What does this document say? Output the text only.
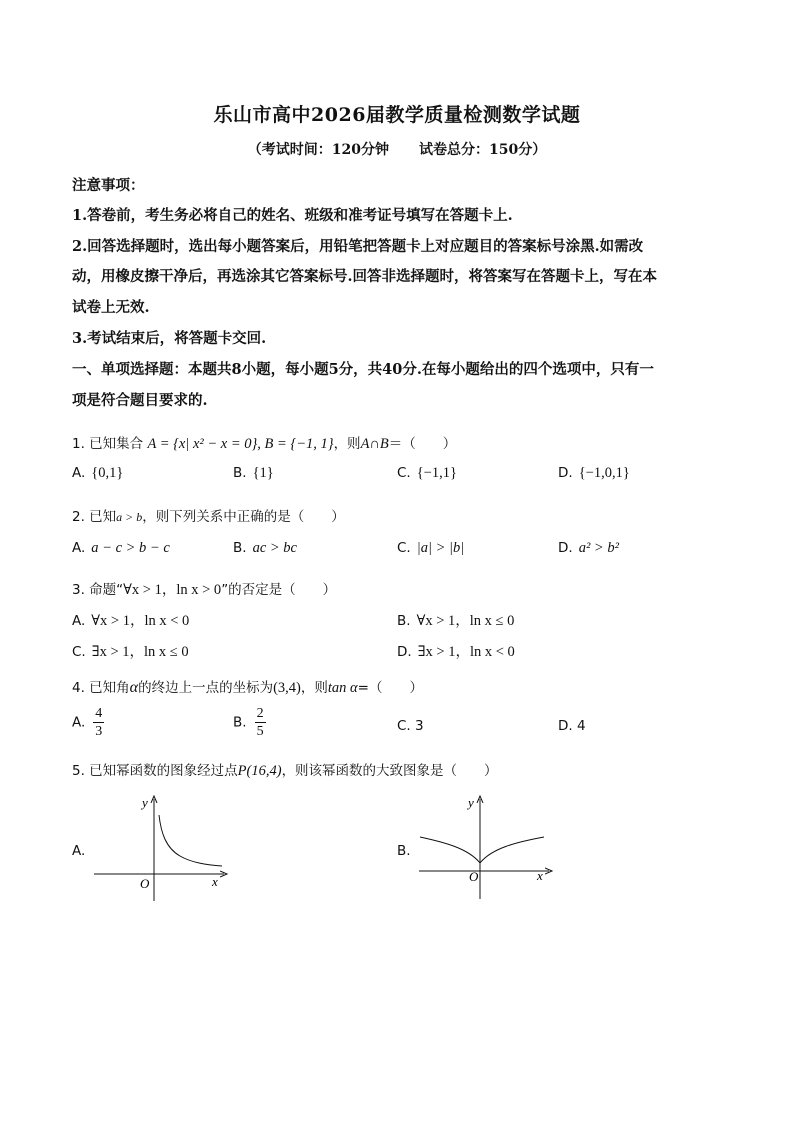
乐山市高中2026届教学质量检测数学试题
（考试时间：120分钟 试卷总分：150分）
注意事项：
1.答卷前，考生务必将自己的姓名、班级和准考证号填写在答题卡上.
2.回答选择题时，选出每小题答案后，用铅笔把答题卡上对应题目的答案标号涂黑.如需改
动，用橡皮擦干净后，再选涂其它答案标号.回答非选择题时，将答案写在答题卡上，写在本
试卷上无效.
3.考试结束后，将答题卡交回.
一、单项选择题：本题共8小题，每小题5分，共40分.在每小题给出的四个选项中，只有一
项是符合题目要求的.
1. 已知集合 A = {x| x² − x = 0}, B = {−1, 1}，则A∩B＝（　　）
A. {0,1}	B. {1}	C. {−1,1}	D. {−1,0,1}
2. 已知a > b，则下列关系中正确的是（　　）
A. a − c > b − c	B. ac > bc	C. |a| > |b|	D. a² > b²
3. 命题“∀x > 1，ln x > 0”的否定是（　　）
A. ∀x > 1，ln x < 0	B. ∀x > 1，ln x ≤ 0
C. ∃x > 1，ln x ≤ 0	D. ∃x > 1，ln x < 0
4. 已知角α的终边上一点的坐标为(3,4)，则tan α=（　　）
A. $\frac{4}{3}$	B. $\frac{2}{5}$	C. 3	D. 4
5. 已知幂函数的图象经过点P(16,4)，则该幂函数的大致图象是（　　）
A.
y
x
O
B.
y
x
O
